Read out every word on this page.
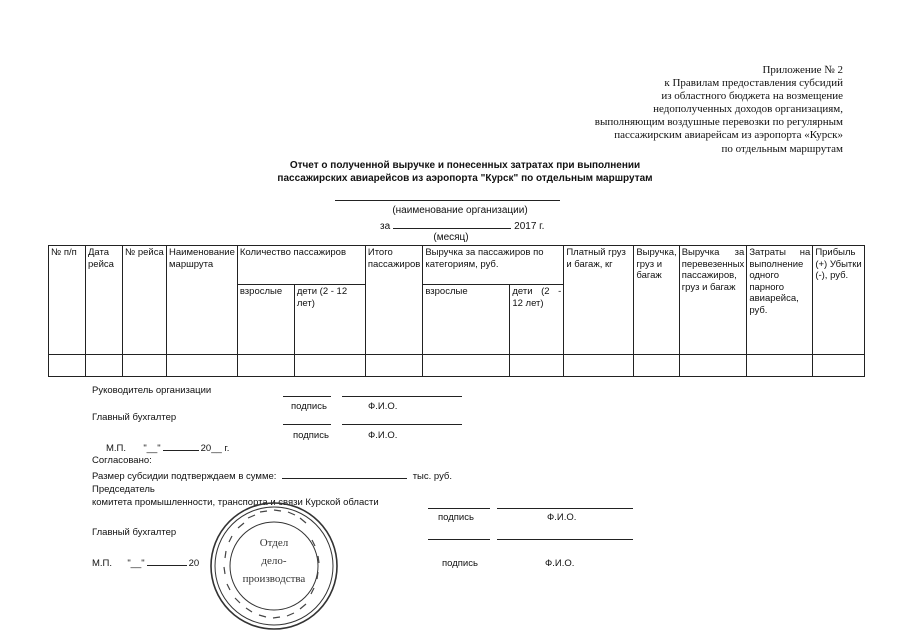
Приложение № 2
к Правилам предоставления субсидий
из областного бюджета на возмещение
недополученных доходов организациям,
выполняющим воздушные перевозки по регулярным
пассажирским авиарейсам из аэропорта «Курск»
по отдельным маршрутам
Отчет о полученной выручке и понесенных затратах при выполнении
пассажирских авиарейсов из аэропорта "Курск" по отдельным маршрутам
(наименование организации)
за	2017 г.
(месяц)
№ п/п	Дата рейса	№ рейса	Наименование маршрута	Количество пассажиров		Итого пассажиров	Выручка за пассажиров по категориям, руб.		Платный груз и багаж, кг	Выручка, груз и багаж	Выручка за перевезенных пассажиров, груз и багаж	Затраты на выполнение одного парного авиарейса, руб.	Прибыль (+) Убытки (-), руб.
				взрослые	дети (2 - 12 лет)		взрослые	дети (2 - 12 лет)					

Руководитель организации
подпись	Ф.И.О.
Главный бухгалтер
подпись	Ф.И.О.
М.П. "__"	20__ г.
Согласовано:
Размер субсидии подтверждаем в сумме:	тыс. руб.
Председатель
комитета промышленности, транспорта и связи Курской области
подпись	Ф.И.О.
Главный бухгалтер
М.П. "__"	20	подпись	Ф.И.О.
Отдел
дело-
производства
